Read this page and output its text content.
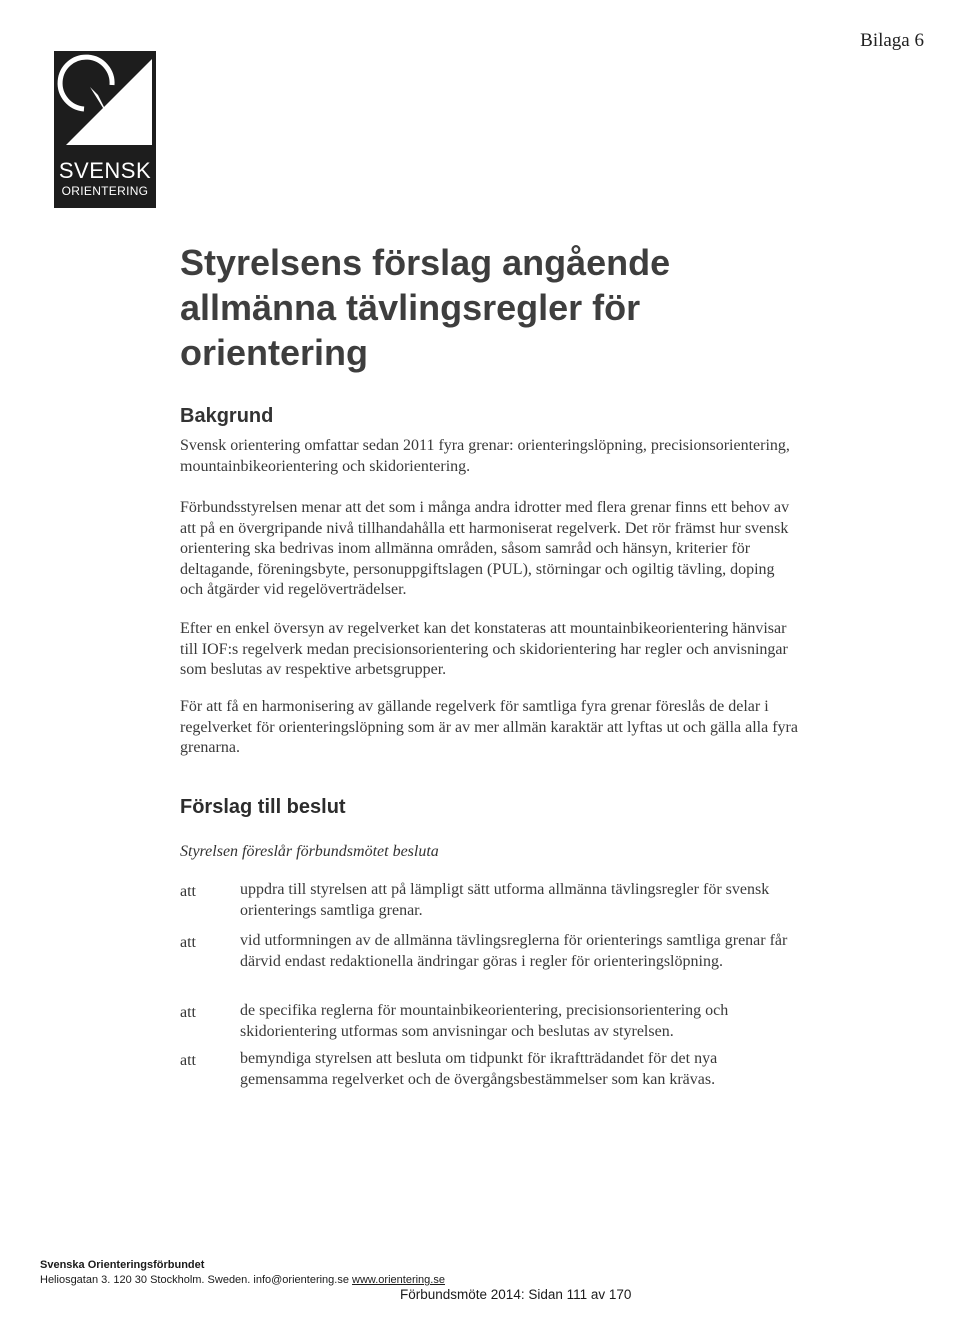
Bilaga 6
SVENSK
ORIENTERING
Styrelsens förslag angående allmänna tävlingsregler för orientering
Bakgrund

Svensk orientering omfattar sedan 2011 fyra grenar: orienteringslöpning, precisionsorientering, mountainbikeorientering och skidorientering.

Förbundsstyrelsen menar att det som i många andra idrotter med flera grenar finns ett behov av att på en övergripande nivå tillhandahålla ett harmoniserat regelverk. Det rör främst hur svensk orientering ska bedrivas inom allmänna områden, såsom samråd och hänsyn, kriterier för deltagande, föreningsbyte, personuppgiftslagen (PUL), störningar och ogiltig tävling, doping och åtgärder vid regelöverträdelser.

Efter en enkel översyn av regelverket kan det konstateras att mountainbikeorientering hänvisar till IOF:s regelverk medan precisionsorientering och skidorientering har regler och anvisningar som beslutas av respektive arbetsgrupper.

För att få en harmonisering av gällande regelverk för samtliga fyra grenar föreslås de delar i regelverket för orienteringslöpning som är av mer allmän karaktär att lyftas ut och gälla alla fyra grenarna.

Förslag till beslut
Styrelsen föreslår förbundsmötet besluta
att	uppdra till styrelsen att på lämpligt sätt utforma allmänna tävlingsregler för svensk orienterings samtliga grenar.
att	vid utformningen av de allmänna tävlingsreglerna för orienterings samtliga grenar får därvid endast redaktionella ändringar göras i regler för orienteringslöpning.
att	de specifika reglerna för mountainbikeorientering, precisionsorientering och skidorientering utformas som anvisningar och beslutas av styrelsen.
att	bemyndiga styrelsen att besluta om tidpunkt för ikraftträdandet för det nya gemensamma regelverket och de övergångsbestämmelser som kan krävas.
Svenska Orienteringsförbundet
Heliosgatan 3. 120 30 Stockholm. Sweden. info@orientering.se www.orientering.se
Förbundsmöte 2014: Sidan 111 av 170
